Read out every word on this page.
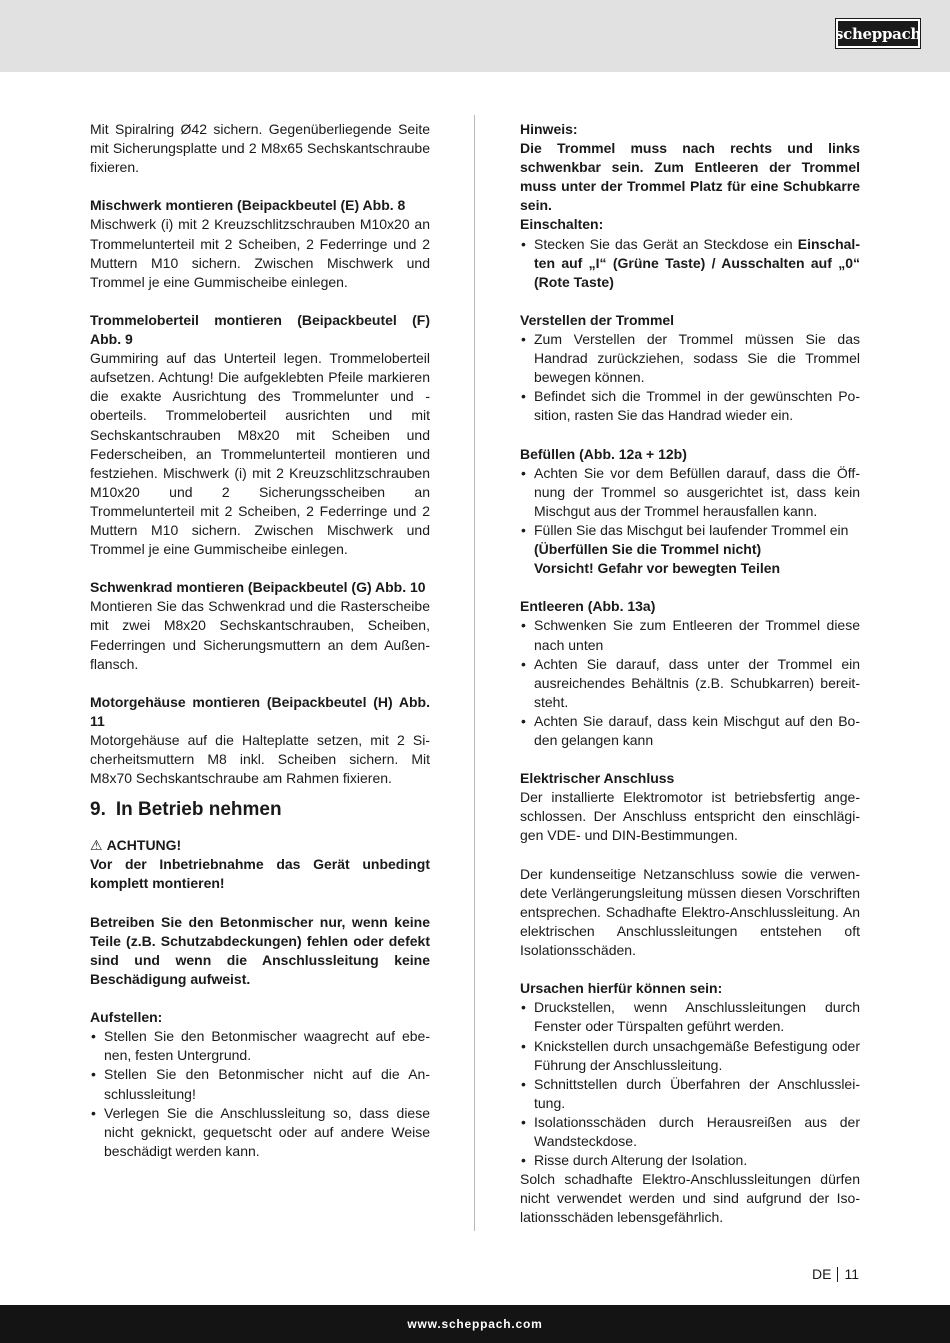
scheppach

Mit Spiralring Ø42 sichern. Gegenüberliegende Seite mit Sicherungsplatte und 2 M8x65 Sechskantschraube fixieren.

Mischwerk montieren (Beipackbeutel (E) Abb. 8

Mischwerk (i) mit 2 Kreuzschlitzschrauben M10x20 an Trommelunterteil mit 2 Scheiben, 2 Federringe und 2 Muttern M10 sichern. Zwischen Mischwerk und Trommel je eine Gummischeibe einlegen.

Trommeloberteil montieren (Beipackbeutel (F) Abb. 9

Gummiring auf das Unterteil legen. Trommeloberteil aufsetzen. Achtung! Die aufgeklebten Pfeile markieren die exakte Ausrichtung des Trommelunter und -oberteils. Trommeloberteil ausrichten und mit Sechskantschrauben M8x20 mit Scheiben und Federscheiben, an Trommelunterteil montieren und festziehen. Mischwerk (i) mit 2 Kreuzschlitzschrauben M10x20 und 2 Sicherungsscheiben an Trommelunterteil mit 2 Scheiben, 2 Federringe und 2 Muttern M10 sichern. Zwischen Mischwerk und Trommel je eine Gummischeibe einlegen.

Schwenkrad montieren (Beipackbeutel (G) Abb. 10

Montieren Sie das Schwenkrad und die Rasterscheibe mit zwei M8x20 Sechskantschrauben, Scheiben, Federringen und Sicherungsmuttern an dem Außenflansch.

Motorgehäuse montieren (Beipackbeutel (H) Abb. 11

Motorgehäuse auf die Halteplatte setzen, mit 2 Sicherheitsmuttern M8 inkl. Scheiben sichern. Mit M8x70 Sechskantschraube am Rahmen fixieren.

9. In Betrieb nehmen

⚠ ACHTUNG!

Vor der Inbetriebnahme das Gerät unbedingt komplett montieren!

Betreiben Sie den Betonmischer nur, wenn keine Teile (z.B. Schutzabdeckungen) fehlen oder defekt sind und wenn die Anschlussleitung keine Beschädigung aufweist.

Aufstellen:

• Stellen Sie den Betonmischer waagrecht auf ebenen, festen Untergrund.
• Stellen Sie den Betonmischer nicht auf die Anschlussleitung!
• Verlegen Sie die Anschlussleitung so, dass diese nicht geknickt, gequetscht oder auf andere Weise beschädigt werden kann.

Hinweis:

Die Trommel muss nach rechts und links schwenkbar sein. Zum Entleeren der Trommel muss unter der Trommel Platz für eine Schubkarre sein.

Einschalten:

• Stecken Sie das Gerät an Steckdose ein Einschalten auf „I“ (Grüne Taste) / Ausschalten auf „0“ (Rote Taste)

Verstellen der Trommel

• Zum Verstellen der Trommel müssen Sie das Handrad zurückziehen, sodass Sie die Trommel bewegen können.
• Befindet sich die Trommel in der gewünschten Position, rasten Sie das Handrad wieder ein.

Befüllen (Abb. 12a + 12b)

• Achten Sie vor dem Befüllen darauf, dass die Öffnung der Trommel so ausgerichtet ist, dass kein Mischgut aus der Trommel herausfallen kann.
• Füllen Sie das Mischgut bei laufender Trommel ein
(Überfüllen Sie die Trommel nicht)
Vorsicht! Gefahr vor bewegten Teilen

Entleeren (Abb. 13a)

• Schwenken Sie zum Entleeren der Trommel diese nach unten
• Achten Sie darauf, dass unter der Trommel ein ausreichendes Behältnis (z.B. Schubkarren) bereitsteht.
• Achten Sie darauf, dass kein Mischgut auf den Boden gelangen kann

Elektrischer Anschluss

Der installierte Elektromotor ist betriebsfertig angeschlossen. Der Anschluss entspricht den einschlägigen VDE- und DIN-Bestimmungen.

Der kundenseitige Netzanschluss sowie die verwendete Verlängerungsleitung müssen diesen Vorschriften entsprechen. Schadhafte Elektro-Anschlussleitung. An elektrischen Anschlussleitungen entstehen oft Isolationsschäden.

Ursachen hierfür können sein:

• Druckstellen, wenn Anschlussleitungen durch Fenster oder Türspalten geführt werden.
• Knickstellen durch unsachgemäße Befestigung oder Führung der Anschlussleitung.
• Schnittstellen durch Überfahren der Anschlussleitung.
• Isolationsschäden durch Herausreißen aus der Wandsteckdose.
• Risse durch Alterung der Isolation.

Solch schadhafte Elektro-Anschlussleitungen dürfen nicht verwendet werden und sind aufgrund der Isolationsschäden lebensgefährlich.

DE 11
www.scheppach.com
